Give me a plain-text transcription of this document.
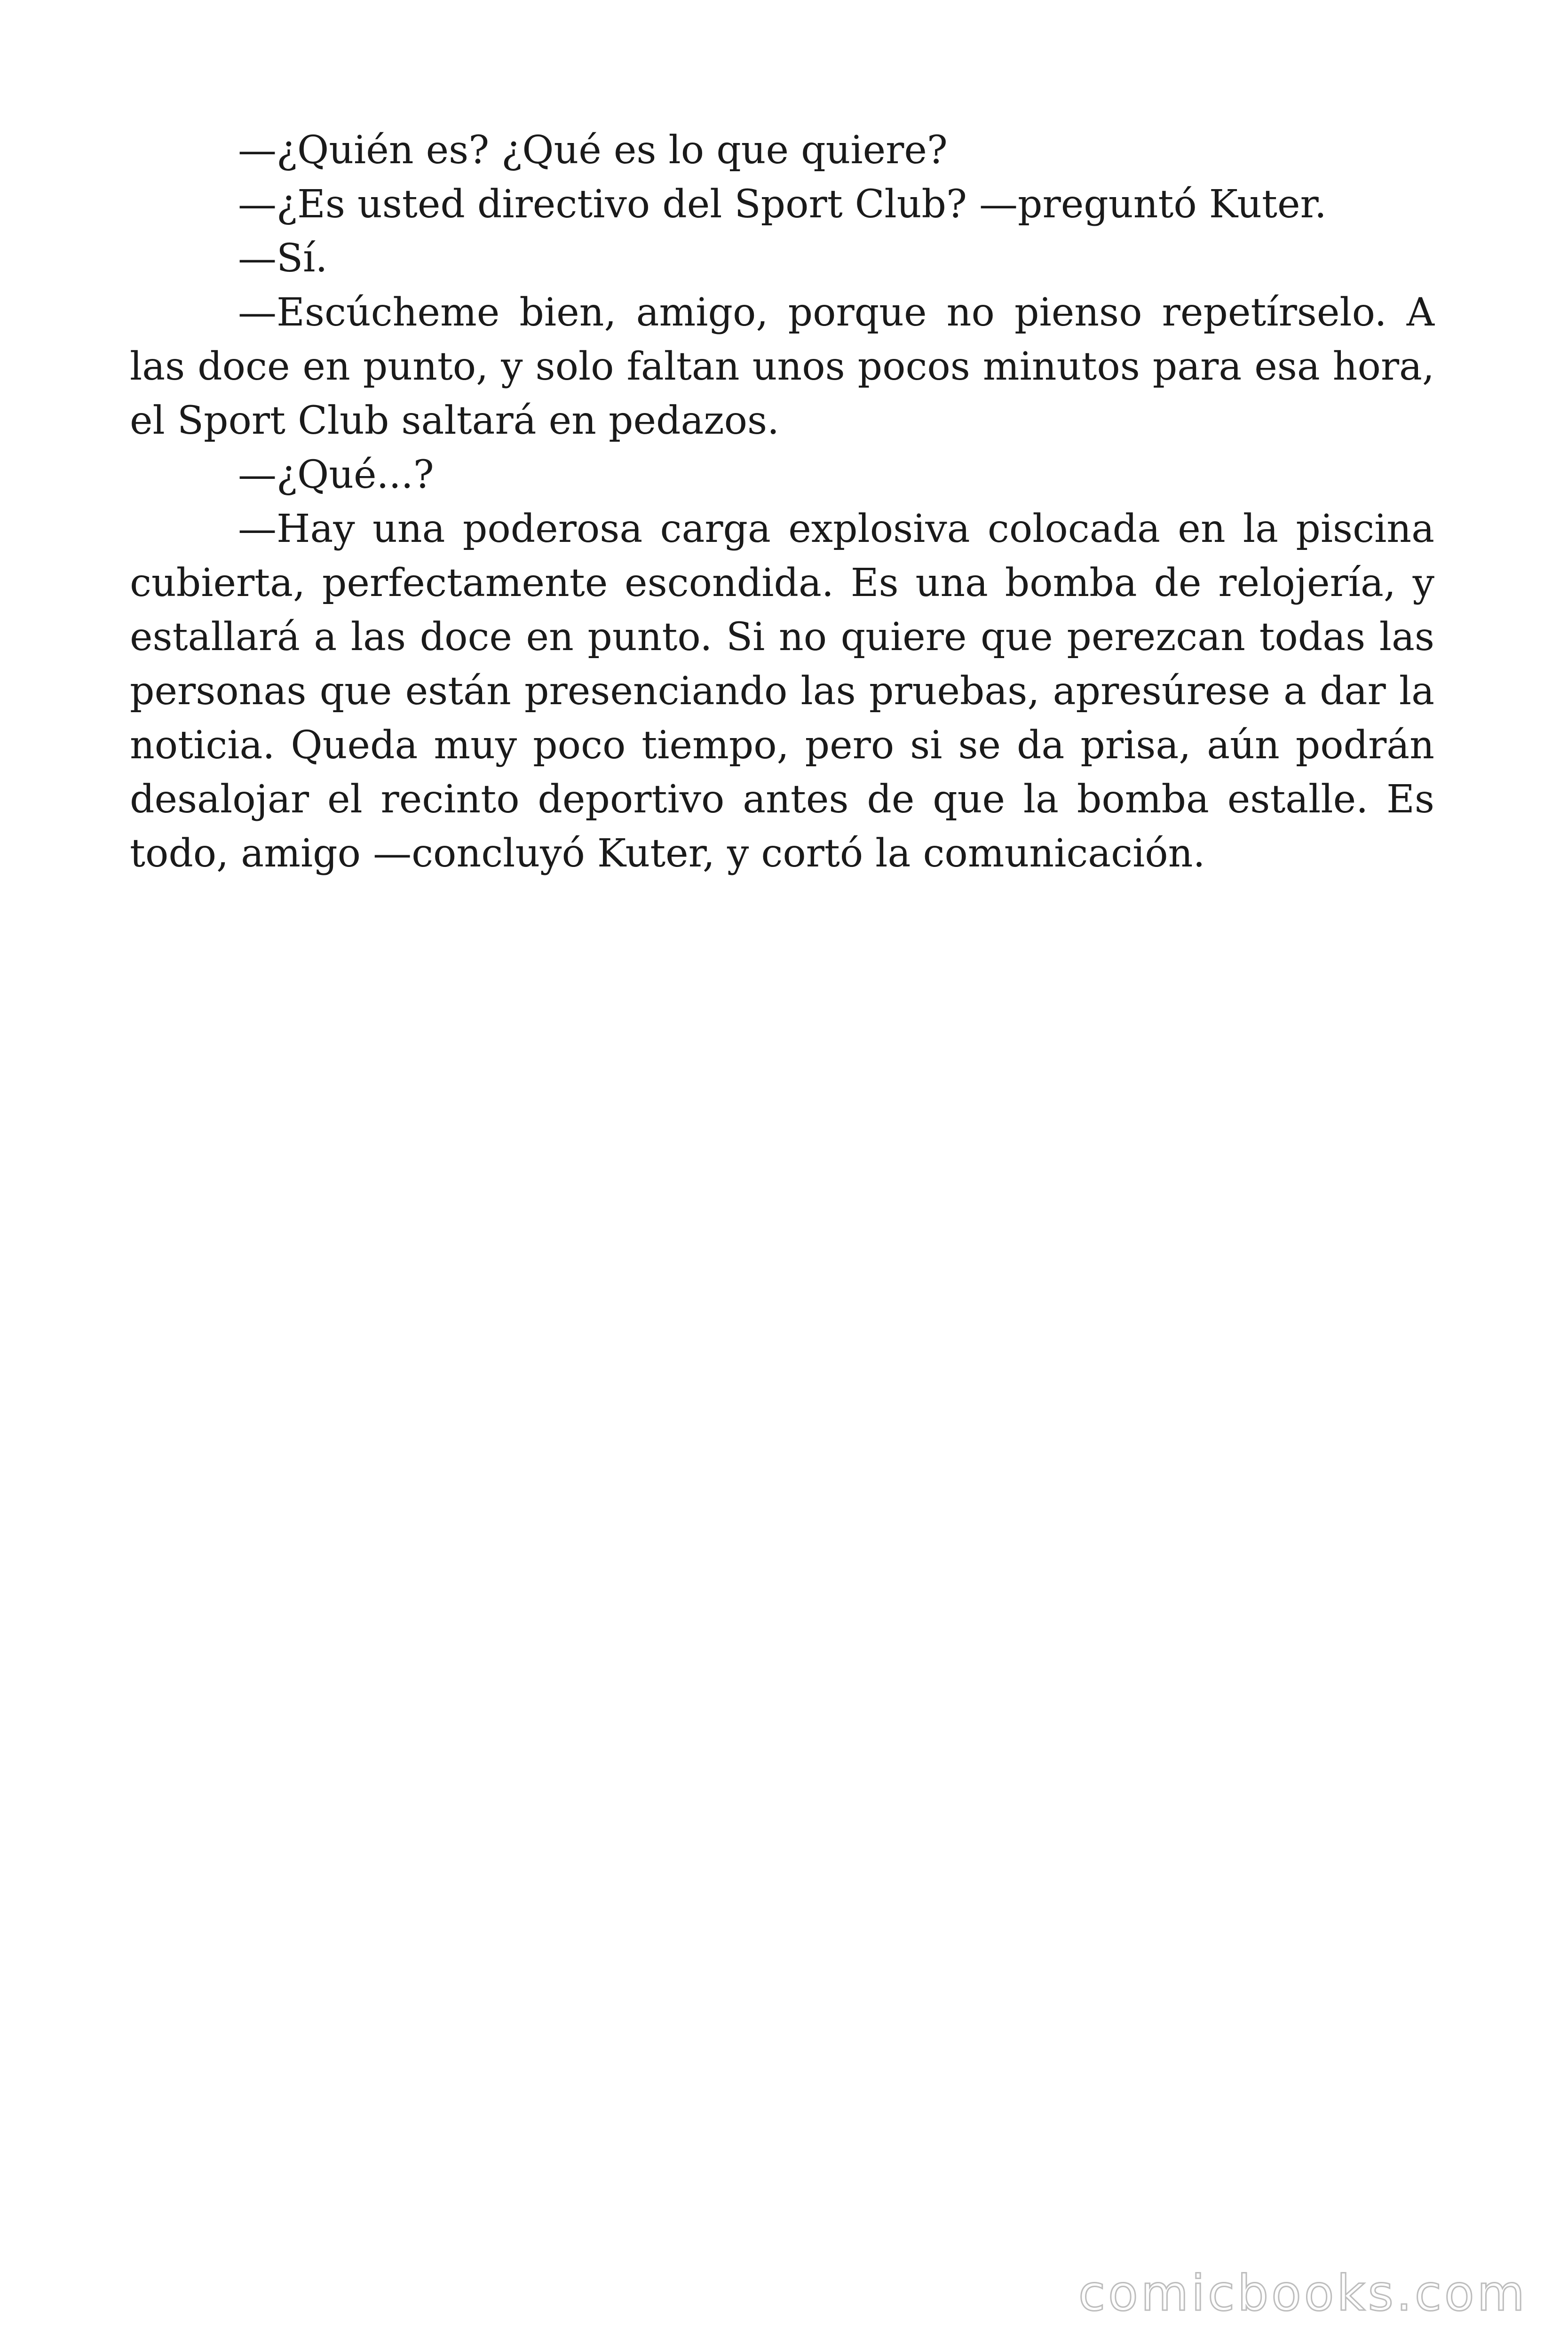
—¿Quién es? ¿Qué es lo que quiere?

—¿Es usted directivo del Sport Club? —preguntó Kuter.

—Sí.

—Escúcheme bien, amigo, porque no pienso repetírselo. A las doce en punto, y solo faltan unos pocos minutos para esa hora, el Sport Club saltará en pedazos.

—¿Qué...?

—Hay una poderosa carga explosiva colocada en la piscina cubierta, perfectamente escondida. Es una bomba de relojería, y estallará a las doce en punto. Si no quiere que perezcan todas las personas que están presenciando las pruebas, apresúrese a dar la noticia. Queda muy poco tiempo, pero si se da prisa, aún podrán desalojar el recinto deportivo antes de que la bomba estalle. Es todo, amigo —concluyó Kuter, y cortó la comunicación.

comicbooks.com
